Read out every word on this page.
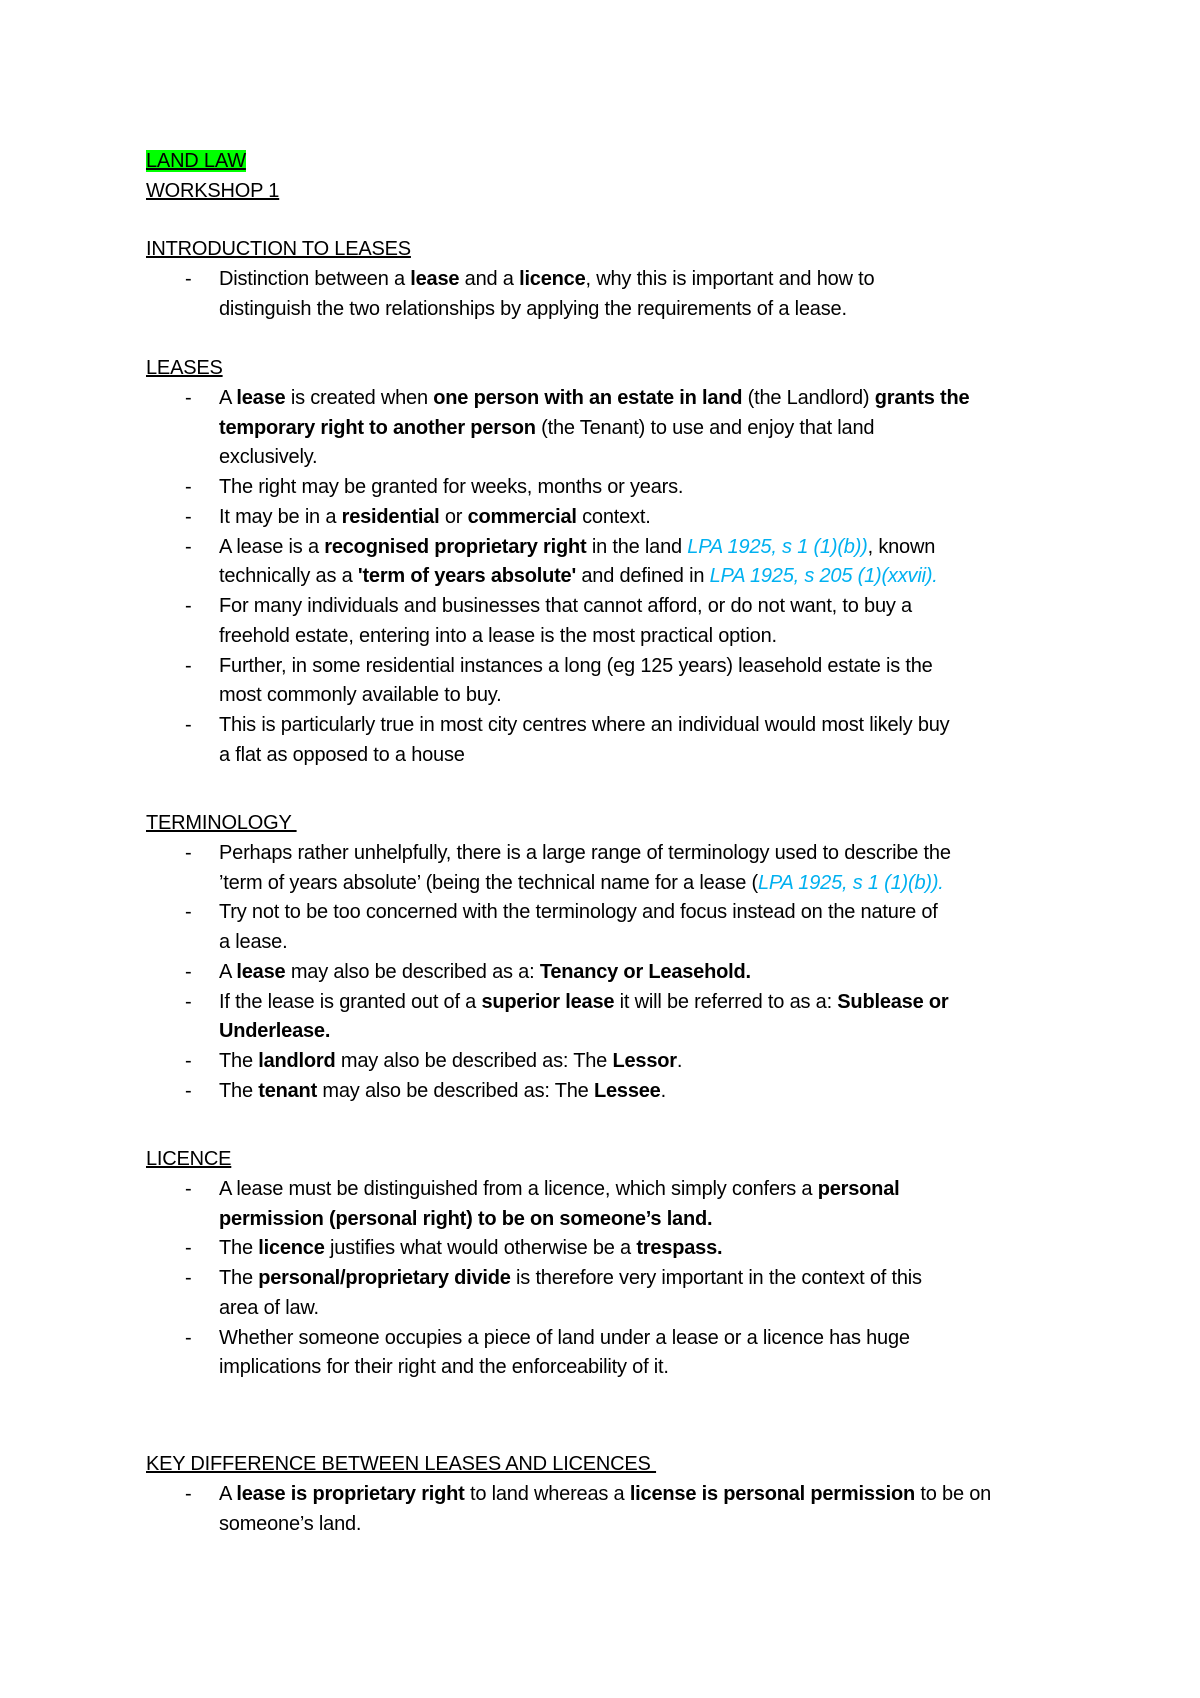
LAND LAW
WORKSHOP 1
INTRODUCTION TO LEASES
- Distinction between a lease and a licence, why this is important and how to
distinguish the two relationships by applying the requirements of a lease.
LEASES
- A lease is created when one person with an estate in land (the Landlord) grants the
temporary right to another person (the Tenant) to use and enjoy that land
exclusively.
- The right may be granted for weeks, months or years.
- It may be in a residential or commercial context.
- A lease is a recognised proprietary right in the land LPA 1925, s 1 (1)(b)), known
technically as a 'term of years absolute' and defined in LPA 1925, s 205 (1)(xxvii).
- For many individuals and businesses that cannot afford, or do not want, to buy a
freehold estate, entering into a lease is the most practical option.
- Further, in some residential instances a long (eg 125 years) leasehold estate is the
most commonly available to buy.
- This is particularly true in most city centres where an individual would most likely buy
a flat as opposed to a house
TERMINOLOGY
- Perhaps rather unhelpfully, there is a large range of terminology used to describe the
’term of years absolute’ (being the technical name for a lease (LPA 1925, s 1 (1)(b)).
- Try not to be too concerned with the terminology and focus instead on the nature of
a lease.
- A lease may also be described as a: Tenancy or Leasehold.
- If the lease is granted out of a superior lease it will be referred to as a: Sublease or
Underlease.
- The landlord may also be described as: The Lessor.
- The tenant may also be described as: The Lessee.
LICENCE
- A lease must be distinguished from a licence, which simply confers a personal
permission (personal right) to be on someone’s land.
- The licence justifies what would otherwise be a trespass.
- The personal/proprietary divide is therefore very important in the context of this
area of law.
- Whether someone occupies a piece of land under a lease or a licence has huge
implications for their right and the enforceability of it.
KEY DIFFERENCE BETWEEN LEASES AND LICENCES
- A lease is proprietary right to land whereas a license is personal permission to be on
someone’s land.
